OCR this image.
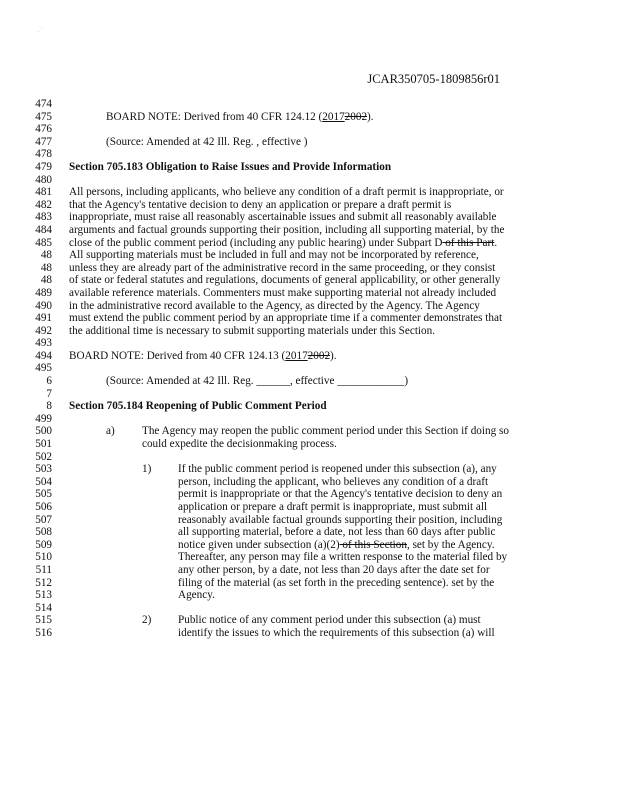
. ˙
JCAR350705-1809856r01
474
475	BOARD NOTE: Derived from 40 CFR 124.12 (20172002).
476
477	(Source: Amended at 42 Ill. Reg. , effective )
478
479 Section 705.183 Obligation to Raise Issues and Provide Information
480
481 All persons, including applicants, who believe any condition of a draft permit is inappropriate, or
482 that the Agency's tentative decision to deny an application or prepare a draft permit is
483 inappropriate, must raise all reasonably ascertainable issues and submit all reasonably available
484 arguments and factual grounds supporting their position, including all supporting material, by the
485 close of the public comment period (including any public hearing) under Subpart D of this Part.
48 All supporting materials must be included in full and may not be incorporated by reference,
48 unless they are already part of the administrative record in the same proceeding, or they consist
48 of state or federal statutes and regulations, documents of general applicability, or other generally
489 available reference materials. Commenters must make supporting material not already included
490 in the administrative record available to the Agency, as directed by the Agency. The Agency
491 must extend the public comment period by an appropriate time if a commenter demonstrates that
492 the additional time is necessary to submit supporting materials under this Section.
493
494 BOARD NOTE: Derived from 40 CFR 124.13 (20172002).
495
6	(Source: Amended at 42 Ill. Reg. ______, effective ____________)
7
8 Section 705.184 Reopening of Public Comment Period
499
500	a) The Agency may reopen the public comment period under this Section if doing so
501	could expedite the decisionmaking process.
502
503	1) If the public comment period is reopened under this subsection (a), any
504	person, including the applicant, who believes any condition of a draft
505	permit is inappropriate or that the Agency's tentative decision to deny an
506	application or prepare a draft permit is inappropriate, must submit all
507	reasonably available factual grounds supporting their position, including
508	all supporting material, before a date, not less than 60 days after public
509	notice given under subsection (a)(2) of this Section, set by the Agency.
510	Thereafter, any person may file a written response to the material filed by
511	any other person, by a date, not less than 20 days after the date set for
512	filing of the material (as set forth in the preceding sentence). set by the
513	Agency.
514
515	2) Public notice of any comment period under this subsection (a) must
516	identify the issues to which the requirements of this subsection (a) will
